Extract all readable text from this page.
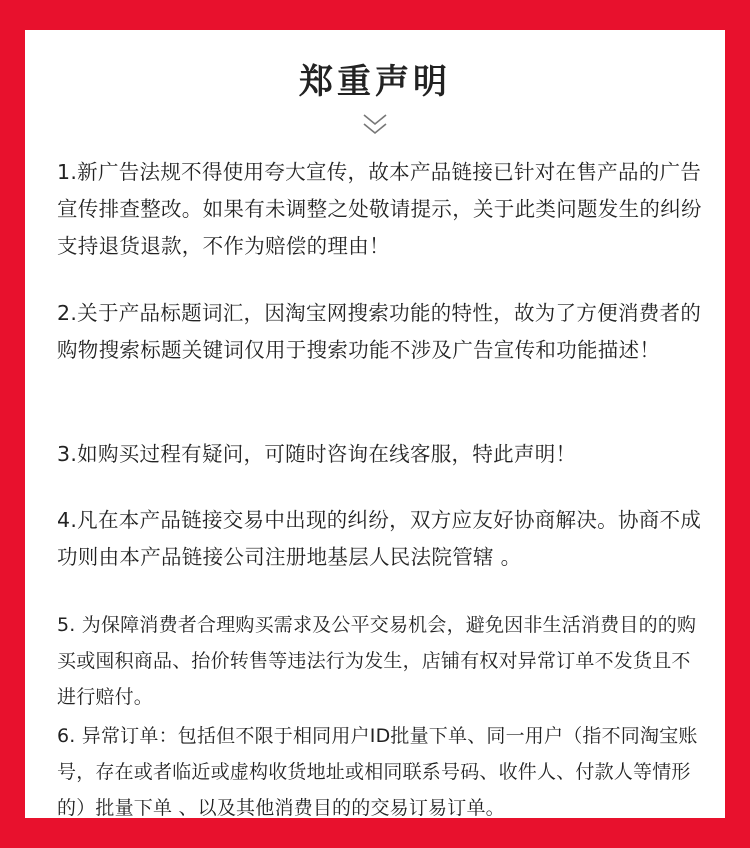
郑重声明

1.新广告法规不得使用夸大宣传，故本产品链接已针对在售产品的广告宣传排查整改。如果有未调整之处敬请提示，关于此类问题发生的纠纷支持退货退款，不作为赔偿的理由！

2.关于产品标题词汇，因淘宝网搜索功能的特性，故为了方便消费者的购物搜索标题关键词仅用于搜索功能不涉及广告宣传和功能描述！

3.如购买过程有疑问，可随时咨询在线客服，特此声明！

4.凡在本产品链接交易中出现的纠纷，双方应友好协商解决。协商不成功则由本产品链接公司注册地基层人民法院管辖 。

5. 为保障消费者合理购买需求及公平交易机会，避免因非生活消费目的的购买或囤积商品、抬价转售等违法行为发生，店铺有权对异常订单不发货且不进行赔付。

6. 异常订单：包括但不限于相同用户ID批量下单、同一用户（指不同淘宝账号，存在或者临近或虚构收货地址或相同联系号码、收件人、付款人等情形的）批量下单 、以及其他消费目的的交易订易订单。
